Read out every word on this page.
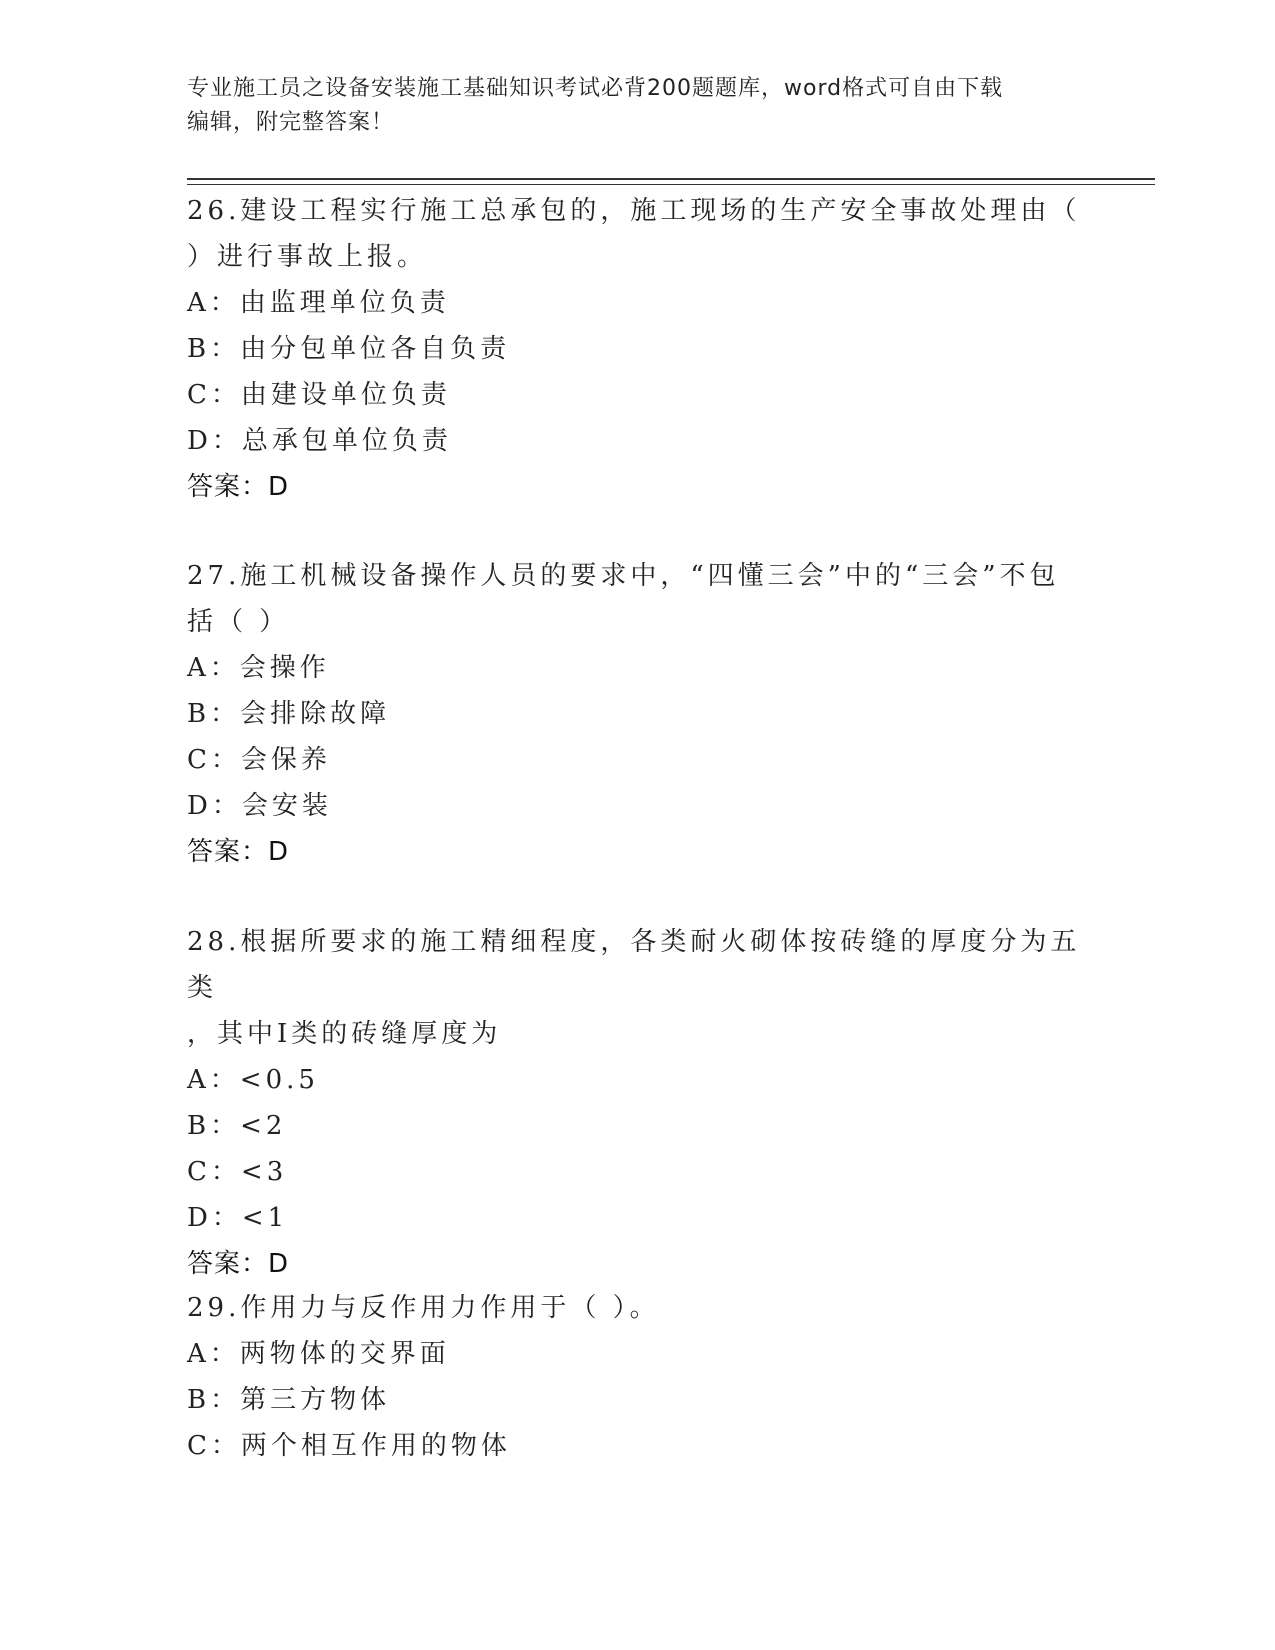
专业施工员之设备安装施工基础知识考试必背200题题库，word格式可自由下载
编辑，附完整答案！

26.建设工程实行施工总承包的，施工现场的生产安全事故处理由（

）进行事故上报。

A：由监理单位负责

B：由分包单位各自负责

C：由建设单位负责

D：总承包单位负责

答案：D

27.施工机械设备操作人员的要求中，“四懂三会”中的“三会”不包

括（ ）

A：会操作

B：会排除故障

C：会保养

D：会安装

答案：D

28.根据所要求的施工精细程度，各类耐火砌体按砖缝的厚度分为五类

，其中Ⅰ类的砖缝厚度为

A：<0.5

B：<2

C：<3

D：<1

答案：D

29.作用力与反作用力作用于（ ）。

A：两物体的交界面

B：第三方物体

C：两个相互作用的物体
